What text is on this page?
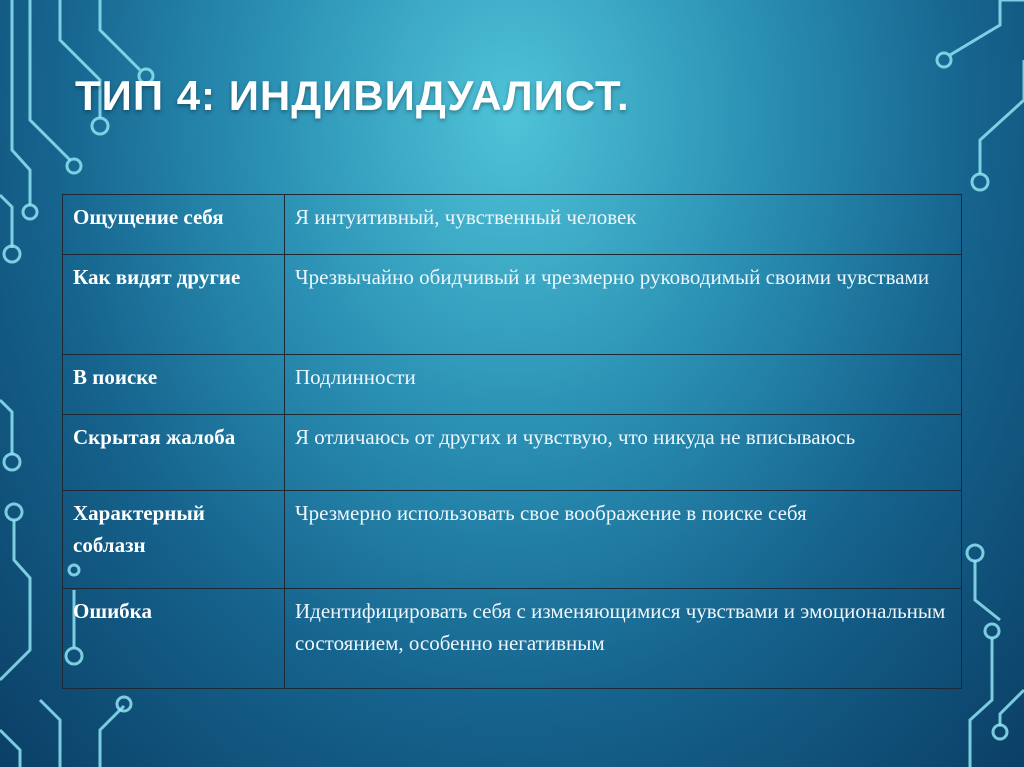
ТИП 4: ИНДИВИДУАЛИСТ.
Ощущение себя	Я интуитивный, чувственный человек
Как видят другие	Чрезвычайно обидчивый и чрезмерно руководимый своими чувствами
В поиске	Подлинности
Скрытая жалоба	Я отличаюсь от других и чувствую, что никуда не вписываюсь
Характерный соблазн	Чрезмерно использовать свое воображение в поиске себя
Ошибка	Идентифицировать себя с изменяющимися чувствами и эмоциональным состоянием, особенно негативным
